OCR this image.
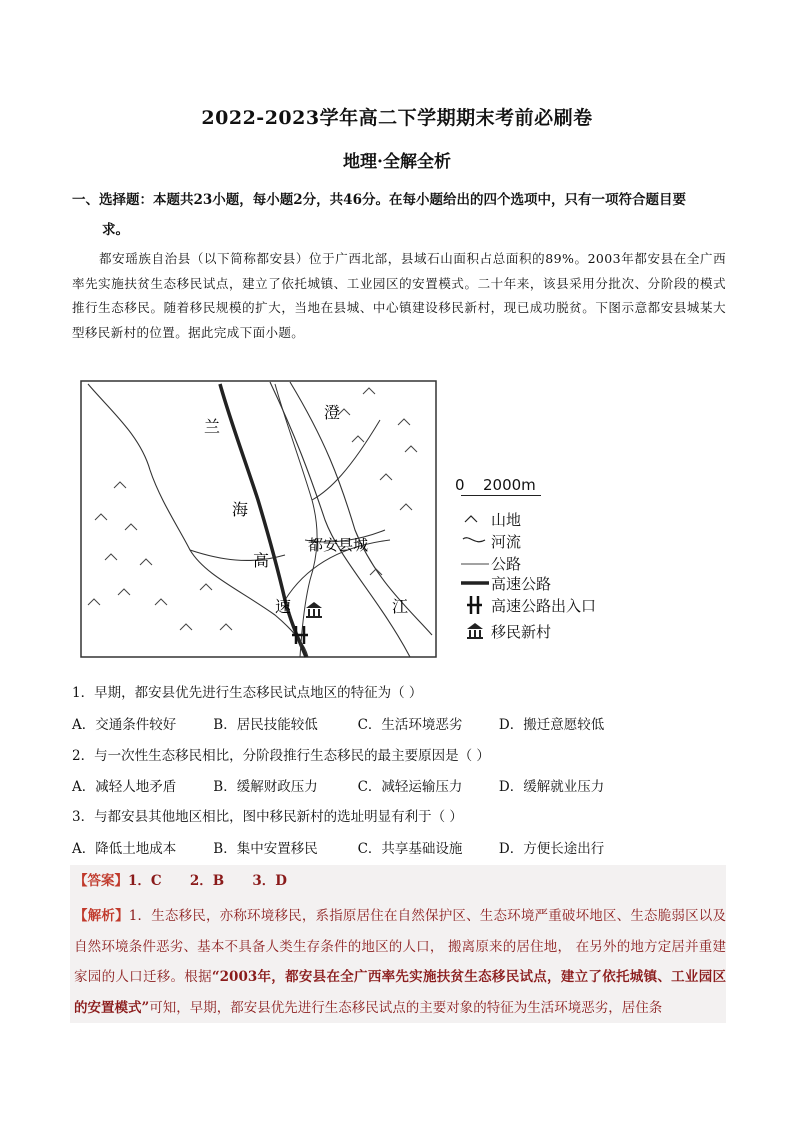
2022-2023学年高二下学期期末考前必刷卷
地理·全解全析
一、选择题：本题共23小题，每小题2分，共46分。在每小题给出的四个选项中，只有一项符合题目要
求。
都安瑶族自治县（以下简称都安县）位于广西北部，县域石山面积占总面积的89%。2003年都安县在全广西率先实施扶贫生态移民试点，建立了依托城镇、工业园区的安置模式。二十年来，该县采用分批次、分阶段的模式推行生态移民。随着移民规模的扩大，当地在县城、中心镇建设移民新村，现已成功脱贫。下图示意都安县城某大型移民新村的位置。据此完成下面小题。
兰
海
高
速
澄
江
都安县城
0 2000m
山地
河流
公路
高速公路
高速公路出入口
移民新村
1．早期，都安县优先进行生态移民试点地区的特征为（ ）
A．交通条件较好	B．居民技能较低	C．生活环境恶劣	D．搬迁意愿较低
2．与一次性生态移民相比，分阶段推行生态移民的最主要原因是（ ）
A．减轻人地矛盾	B．缓解财政压力	C．减轻运输压力	D．缓解就业压力
3．与都安县其他地区相比，图中移民新村的选址明显有利于（ ）
A．降低土地成本	B．集中安置移民	C．共享基础设施	D．方便长途出行
【答案】1．C      2．B      3．D
【解析】1．生态移民，亦称环境移民，系指原居住在自然保护区、生态环境严重破坏地区、生态脆弱区以及自然环境条件恶劣、基本不具备人类生存条件的地区的人口， 搬离原来的居住地， 在另外的地方定居并重建家园的人口迁移。根据“2003年，都安县在全广西率先实施扶贫生态移民试点，建立了依托城镇、工业园区的安置模式”可知，早期，都安县优先进行生态移民试点的主要对象的特征为生活环境恶劣，居住条
